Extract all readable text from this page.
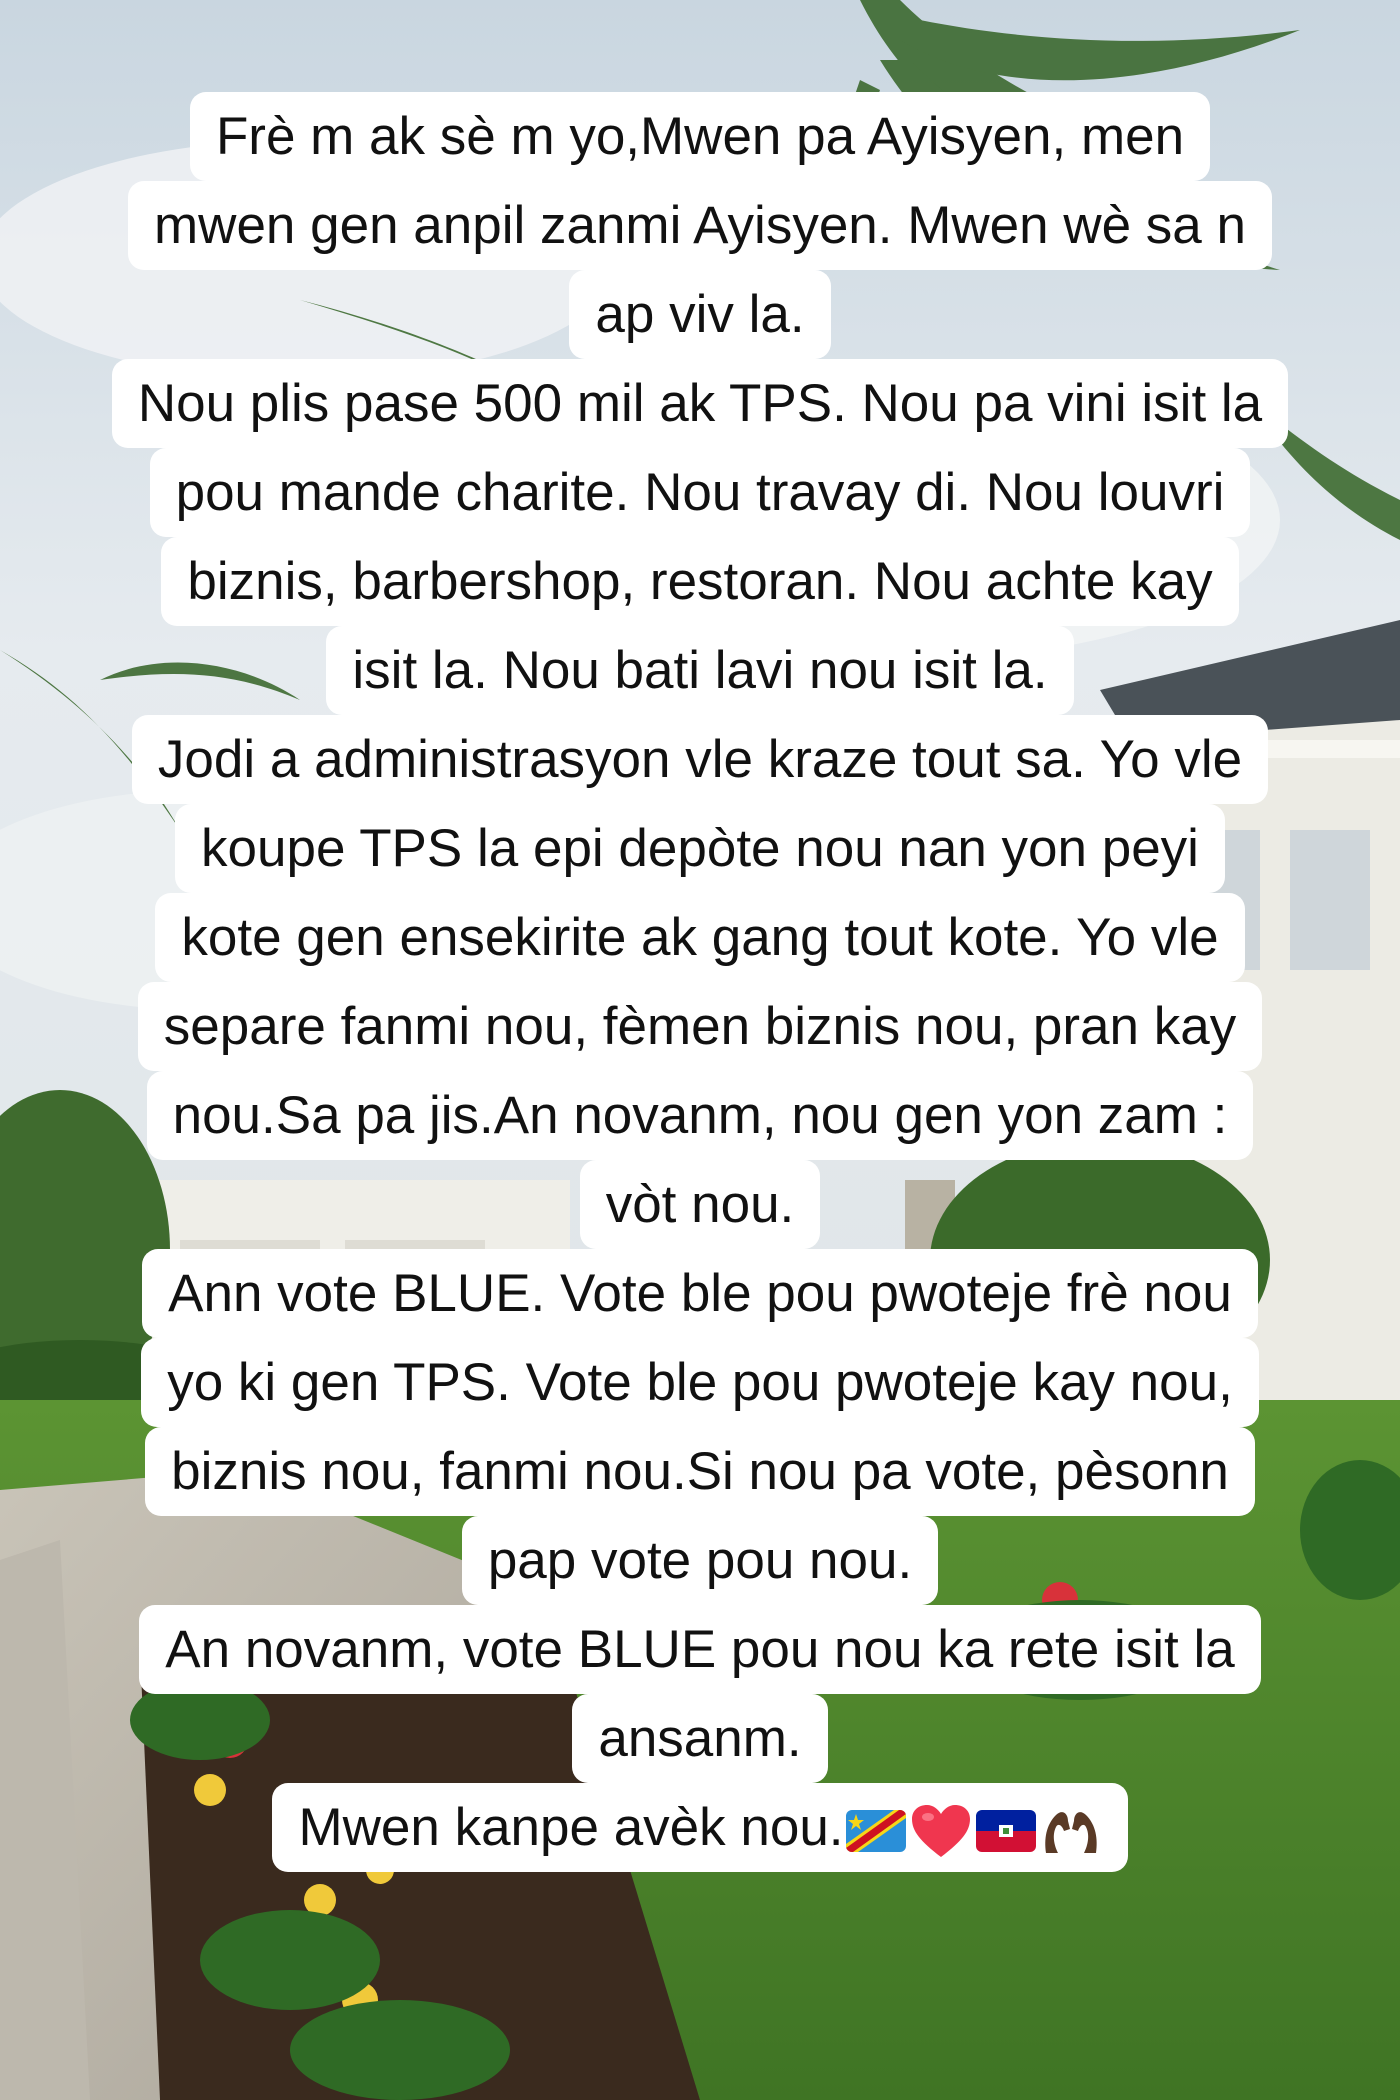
Frè m ak sè m yo,Mwen pa Ayisyen, men
mwen gen anpil zanmi Ayisyen. Mwen wè sa n
ap viv la.
Nou plis pase 500 mil ak TPS. Nou pa vini isit la
pou mande charite. Nou travay di. Nou louvri
biznis, barbershop, restoran. Nou achte kay
isit la. Nou bati lavi nou isit la.
Jodi a administrasyon vle kraze tout sa. Yo vle
koupe TPS la epi depòte nou nan yon peyi
kote gen ensekirite ak gang tout kote. Yo vle
separe fanmi nou, fèmen biznis nou, pran kay
nou.Sa pa jis.An novanm, nou gen yon zam :
vòt nou.
Ann vote BLUE. Vote ble pou pwoteje frè nou
yo ki gen TPS. Vote ble pou pwoteje kay nou,
biznis nou, fanmi nou.Si nou pa vote, pèsonn
pap vote pou nou.
An novanm, vote BLUE pou nou ka rete isit la
ansanm.
Mwen kanpe avèk nou.
